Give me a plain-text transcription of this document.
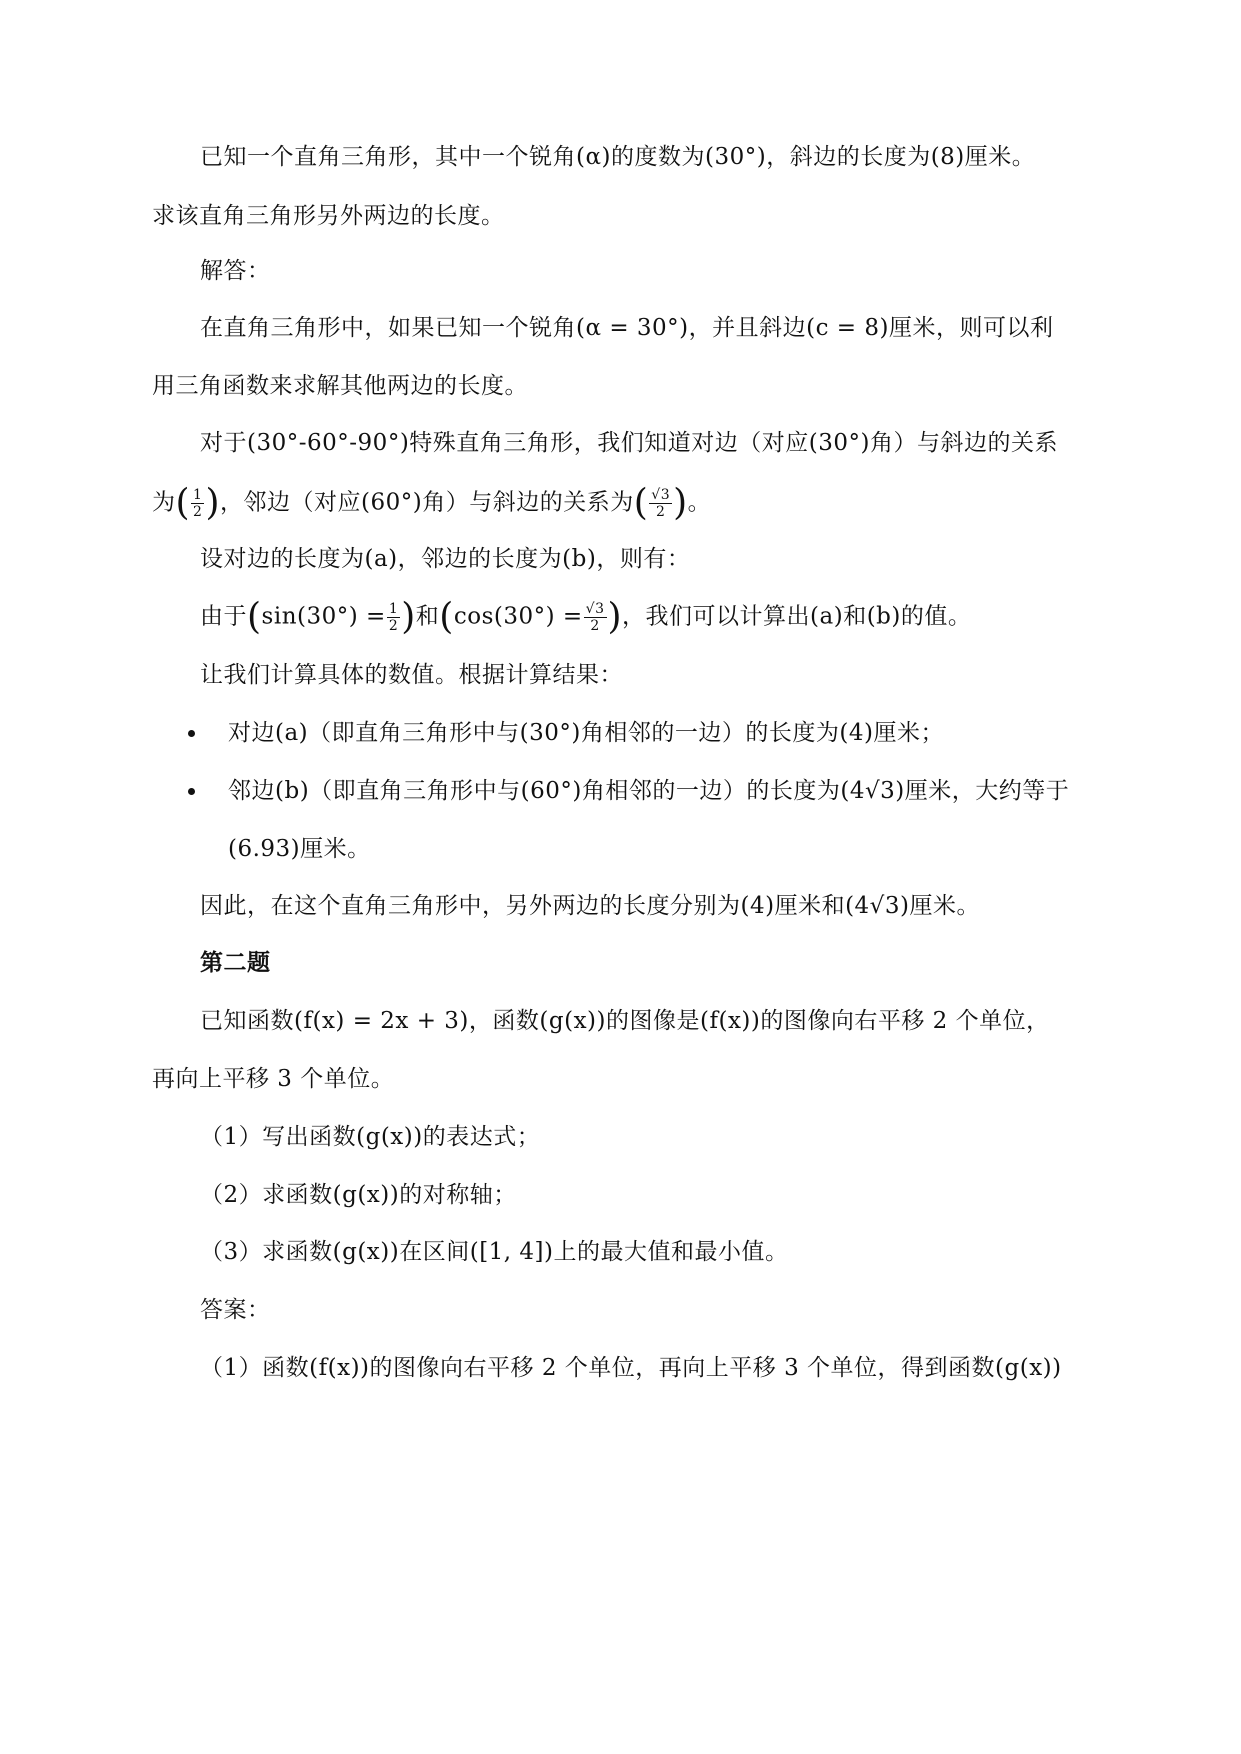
已知一个直角三角形，其中一个锐角(α)的度数为(30°)，斜边的长度为(8)厘米。
求该直角三角形另外两边的长度。
解答：
在直角三角形中，如果已知一个锐角(α = 30°)，并且斜边(c = 8)厘米，则可以利
用三角函数来求解其他两边的长度。
对于(30°-60°-90°)特殊直角三角形，我们知道对边（对应(30°)角）与斜边的关系
为( $\frac{1}{2}$ )，邻边（对应(60°)角）与斜边的关系为( $\frac{√3}{2}$ )。
设对边的长度为(a)，邻边的长度为(b)，则有：
由于($\sin(30^\circ) = \frac{1}{2}$ )和($\cos(30^\circ) = \frac{√3}{2}$ )，我们可以计算出(a)和(b)的值。
让我们计算具体的数值。根据计算结果：
对边(a)（即直角三角形中与(30°)角相邻的一边）的长度为(4)厘米；
邻边(b)（即直角三角形中与(60°)角相邻的一边）的长度为(4√3)厘米，大约等于
(6.93)厘米。
因此，在这个直角三角形中，另外两边的长度分别为(4)厘米和(4√3)厘米。
第二题
已知函数(f(x) = 2x + 3)，函数(g(x))的图像是(f(x))的图像向右平移 2 个单位，
再向上平移 3 个单位。
（1）写出函数(g(x))的表达式；
（2）求函数(g(x))的对称轴；
（3）求函数(g(x))在区间([1, 4])上的最大值和最小值。
答案：
（1）函数(f(x))的图像向右平移 2 个单位，再向上平移 3 个单位，得到函数(g(x))
